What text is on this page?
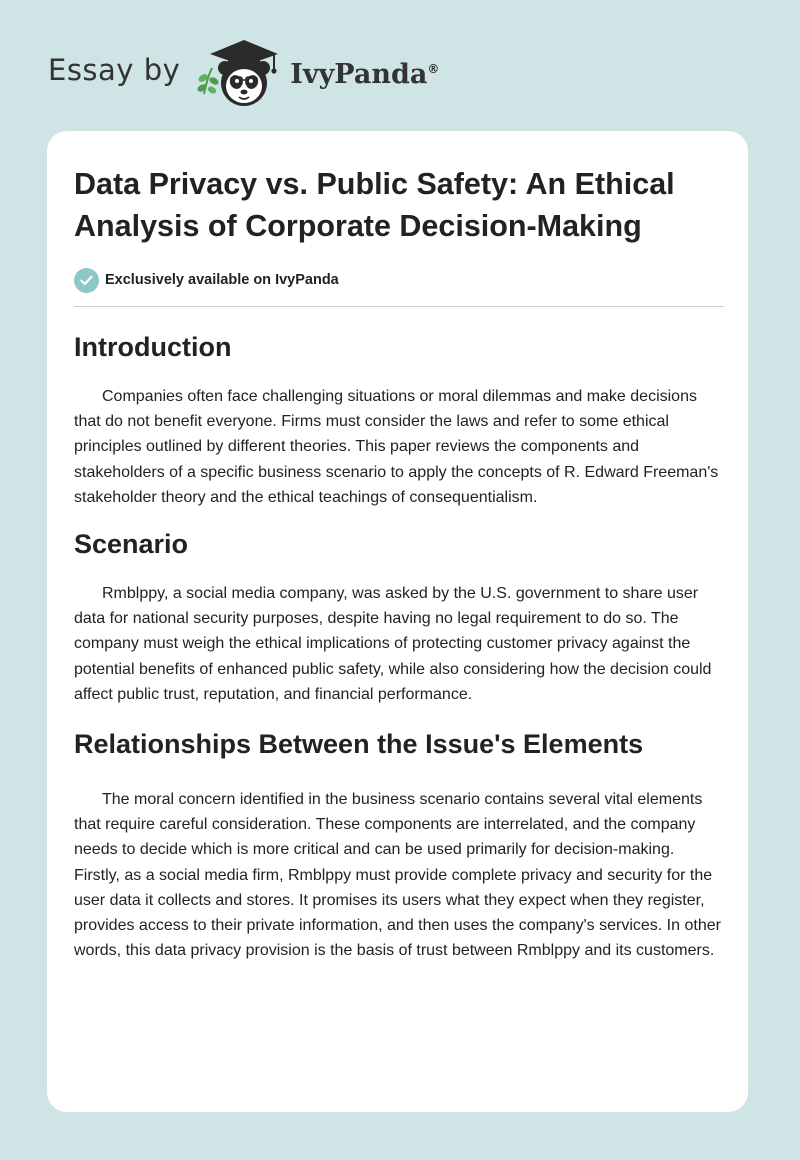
Essay by	IvyPanda®
Data Privacy vs. Public Safety: An Ethical Analysis of Corporate Decision-Making
Exclusively available on IvyPanda
Introduction

Companies often face challenging situations or moral dilemmas and make decisions that do not benefit everyone. Firms must consider the laws and refer to some ethical principles outlined by different theories. This paper reviews the components and stakeholders of a specific business scenario to apply the concepts of R. Edward Freeman's stakeholder theory and the ethical teachings of consequentialism.

Scenario

Rmblppy, a social media company, was asked by the U.S. government to share user data for national security purposes, despite having no legal requirement to do so. The company must weigh the ethical implications of protecting customer privacy against the potential benefits of enhanced public safety, while also considering how the decision could affect public trust, reputation, and financial performance.

Relationships Between the Issue's Elements

The moral concern identified in the business scenario contains several vital elements that require careful consideration. These components are interrelated, and the company needs to decide which is more critical and can be used primarily for decision-making. Firstly, as a social media firm, Rmblppy must provide complete privacy and security for the user data it collects and stores. It promises its users what they expect when they register, provides access to their private information, and then uses the company's services. In other words, this data privacy provision is the basis of trust between Rmblppy and its customers.
